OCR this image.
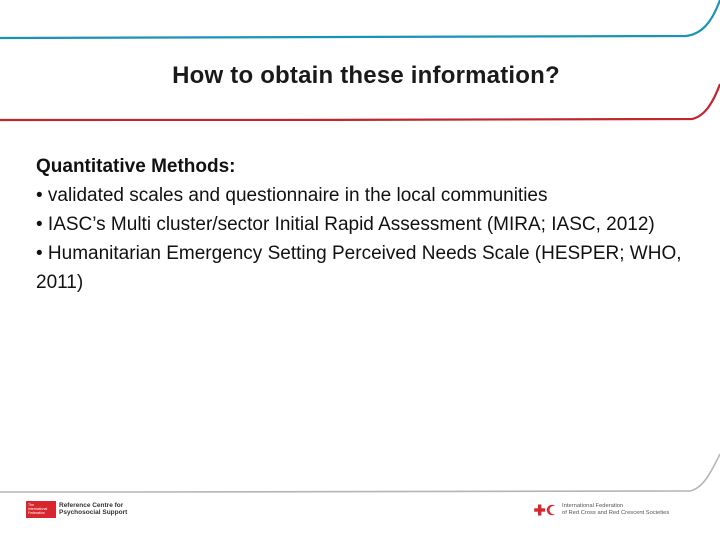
How to obtain these information?
Quantitative Methods:
• validated scales and questionnaire in the local communities
• IASC’s Multi cluster/sector Initial Rapid Assessment (MIRA; IASC, 2012)
• Humanitarian Emergency Setting Perceived Needs Scale (HESPER; WHO, 2011)
The
International
Federation
Reference Centre for
Psychosocial Support
International Federation
of Red Cross and Red Crescent Societies
